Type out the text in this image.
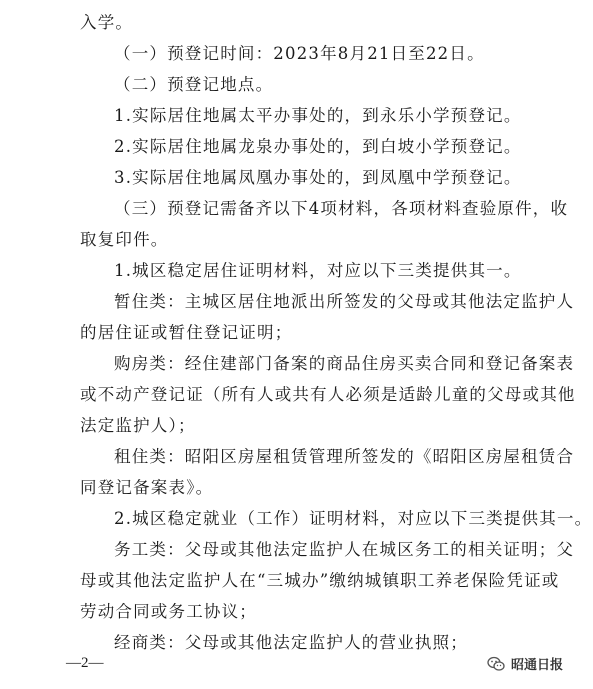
入学。
（一）预登记时间：2023年8月21日至22日。
（二）预登记地点。
1.实际居住地属太平办事处的，到永乐小学预登记。
2.实际居住地属龙泉办事处的，到白坡小学预登记。
3.实际居住地属凤凰办事处的，到凤凰中学预登记。
（三）预登记需备齐以下4项材料，各项材料查验原件，收
取复印件。
1.城区稳定居住证明材料，对应以下三类提供其一。
暂住类：主城区居住地派出所签发的父母或其他法定监护人
的居住证或暂住登记证明；
购房类：经住建部门备案的商品住房买卖合同和登记备案表
或不动产登记证（所有人或共有人必须是适龄儿童的父母或其他
法定监护人）；
租住类：昭阳区房屋租赁管理所签发的《昭阳区房屋租赁合
同登记备案表》。
2.城区稳定就业（工作）证明材料，对应以下三类提供其一。
务工类：父母或其他法定监护人在城区务工的相关证明；父
母或其他法定监护人在“三城办”缴纳城镇职工养老保险凭证或
劳动合同或务工协议；
经商类：父母或其他法定监护人的营业执照；
—2—	昭通日报
